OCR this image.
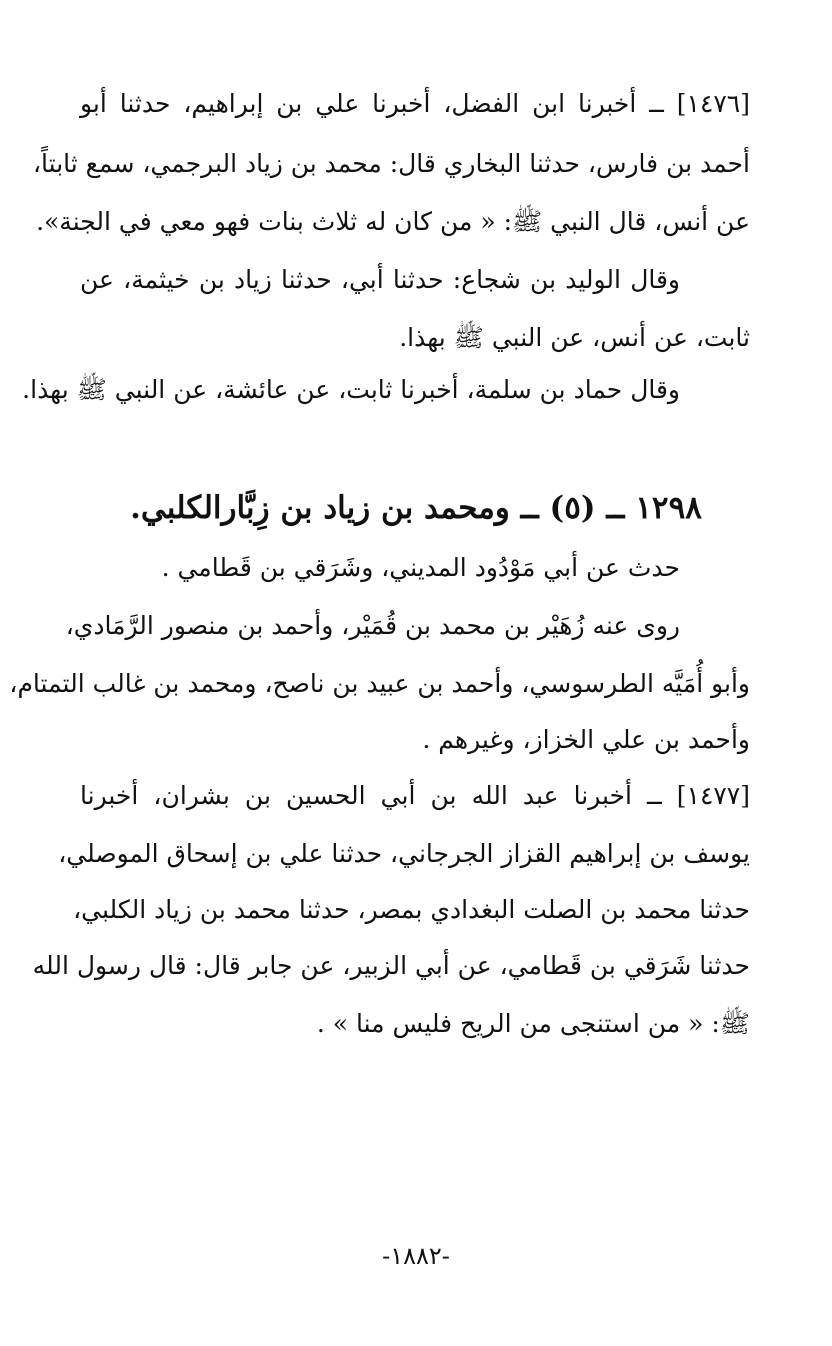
[١٤٧٦] ــ أخبرنا ابن الفضل، أخبرنا علي بن إبراهيم، حدثنا أبو
أحمد بن فارس، حدثنا البخاري قال: محمد بن زياد البرجمي، سمع ثابتاً،
عن أنس، قال النبي ﷺ: « من كان له ثلاث بنات فهو معي في الجنة».
وقال الوليد بن شجاع: حدثنا أبي، حدثنا زياد بن خيثمة، عن
ثابت، عن أنس، عن النبي ﷺ بهذا.
وقال حماد بن سلمة، أخبرنا ثابت، عن عائشة، عن النبي ﷺ بهذا.
١٢٩٨ ــ (٥) ــ ومحمد بن زياد بن زِبَّارالكلبي.
حدث عن أبي مَوْدُود المديني، وشَرَقي بن قَطامي .
روى عنه زُهَيْر بن محمد بن قُمَيْر، وأحمد بن منصور الرَّمَادي،
وأبو أُمَيَّه الطرسوسي، وأحمد بن عبيد بن ناصح، ومحمد بن غالب التمتام،
وأحمد بن علي الخزاز، وغيرهم .
[١٤٧٧] ــ أخبرنا عبد الله بن أبي الحسين بن بشران، أخبرنا
يوسف بن إبراهيم القزاز الجرجاني، حدثنا علي بن إسحاق الموصلي،
حدثنا محمد بن الصلت البغدادي بمصر، حدثنا محمد بن زياد الكلبي،
حدثنا شَرَقي بن قَطامي، عن أبي الزبير، عن جابر قال: قال رسول الله
ﷺ: « من استنجى من الريح فليس منا » .
-١٨٨٢-
